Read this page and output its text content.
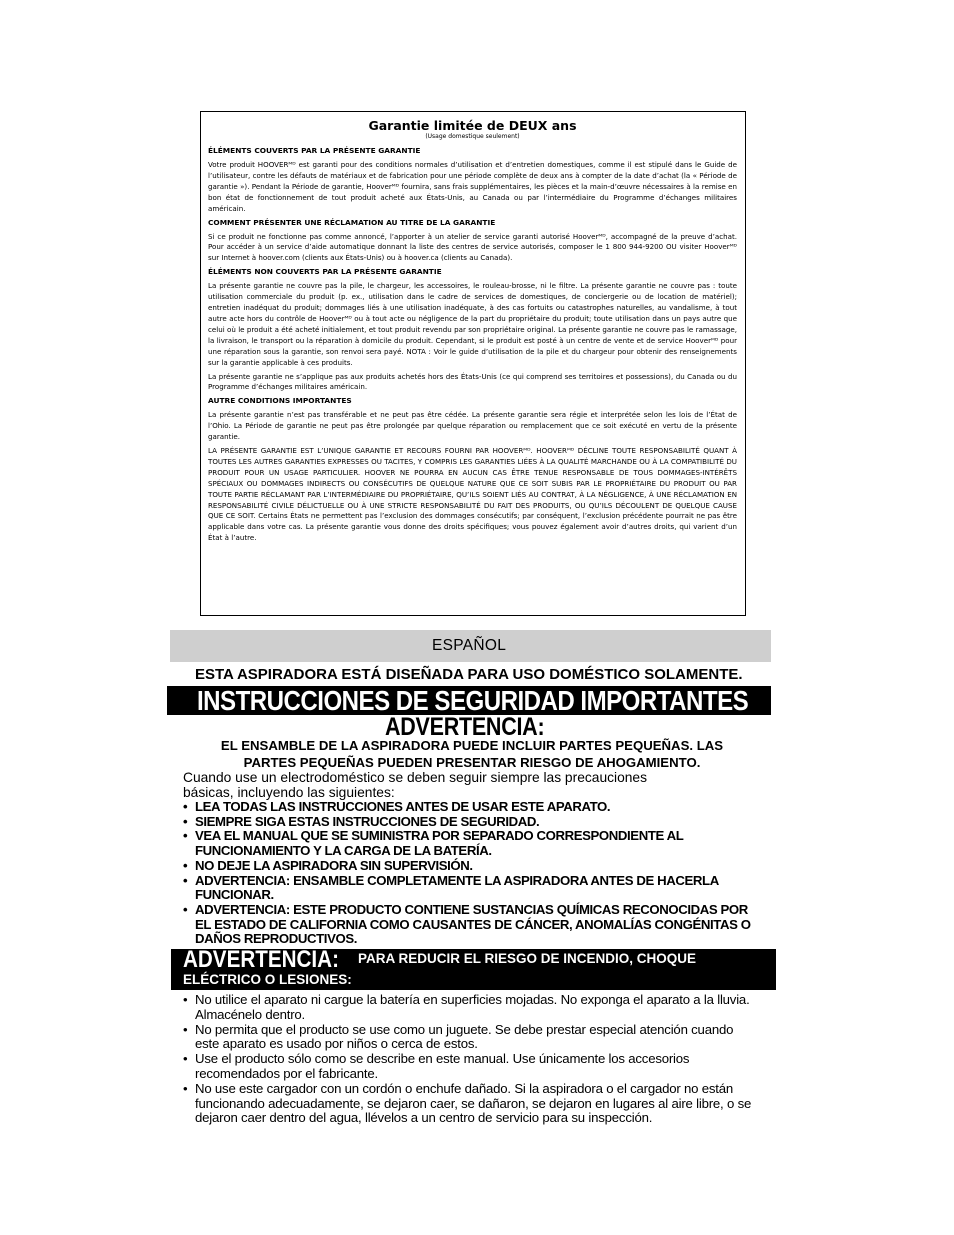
Garantie limitée de DEUX ans
(Usage domestique seulement)
ÉLÉMENTS COUVERTS PAR LA PRÉSENTE GARANTIE

Votre produit HOOVERᴹᴰ est garanti pour des conditions normales d’utilisation et d’entretien domestiques, comme il est stipulé dans le Guide de l’utilisateur, contre les défauts de matériaux et de fabrication pour une période complète de deux ans à compter de la date d’achat (la « Période de garantie »). Pendant la Période de garantie, Hooverᴹᴰ fournira, sans frais supplémentaires, les pièces et la main-d’œuvre nécessaires à la remise en bon état de fonctionnement de tout produit acheté aux États-Unis, au Canada ou par l’intermédiaire du Programme d’échanges militaires américain.

COMMENT PRÉSENTER UNE RÉCLAMATION AU TITRE DE LA GARANTIE

Si ce produit ne fonctionne pas comme annoncé, l’apporter à un atelier de service garanti autorisé Hooverᴹᴰ, accompagné de la preuve d’achat. Pour accéder à un service d’aide automatique donnant la liste des centres de service autorisés, composer le 1 800 944-9200 OU visiter Hooverᴹᴰ sur Internet à hoover.com (clients aux États-Unis) ou à hoover.ca (clients au Canada).

ÉLÉMENTS NON COUVERTS PAR LA PRÉSENTE GARANTIE

La présente garantie ne couvre pas la pile, le chargeur, les accessoires, le rouleau-brosse, ni le filtre. La présente garantie ne couvre pas : toute utilisation commerciale du produit (p. ex., utilisation dans le cadre de services de domestiques, de conciergerie ou de location de matériel); entretien inadéquat du produit; dommages liés à une utilisation inadéquate, à des cas fortuits ou catastrophes naturelles, au vandalisme, à tout autre acte hors du contrôle de Hooverᴹᴰ ou à tout acte ou négligence de la part du propriétaire du produit; toute utilisation dans un pays autre que celui où le produit a été acheté initialement, et tout produit revendu par son propriétaire original. La présente garantie ne couvre pas le ramassage, la livraison, le transport ou la réparation à domicile du produit. Cependant, si le produit est posté à un centre de vente et de service Hooverᴹᴰ pour une réparation sous la garantie, son renvoi sera payé. NOTA : Voir le guide d’utilisation de la pile et du chargeur pour obtenir des renseignements sur la garantie applicable à ces produits.

La présente garantie ne s’applique pas aux produits achetés hors des États-Unis (ce qui comprend ses territoires et possessions), du Canada ou du Programme d’échanges militaires américain.

AUTRE CONDITIONS IMPORTANTES

La présente garantie n’est pas transférable et ne peut pas être cédée. La présente garantie sera régie et interprétée selon les lois de l’État de l’Ohio. La Période de garantie ne peut pas être prolongée par quelque réparation ou remplacement que ce soit exécuté en vertu de la présente garantie.

LA PRÉSENTE GARANTIE EST L’UNIQUE GARANTIE ET RECOURS FOURNI PAR HOOVERᴹᴰ. HOOVERᴹᴰ DÉCLINE TOUTE RESPONSABILITÉ QUANT À TOUTES LES AUTRES GARANTIES EXPRESSES OU TACITES, Y COMPRIS LES GARANTIES LIÉES À LA QUALITÉ MARCHANDE OU À LA COMPATIBILITÉ DU PRODUIT POUR UN USAGE PARTICULIER. HOOVER NE POURRA EN AUCUN CAS ÊTRE TENUE RESPONSABLE DE TOUS DOMMAGES-INTÉRÊTS SPÉCIAUX OU DOMMAGES INDIRECTS OU CONSÉCUTIFS DE QUELQUE NATURE QUE CE SOIT SUBIS PAR LE PROPRIÉTAIRE DU PRODUIT OU PAR TOUTE PARTIE RÉCLAMANT PAR L’INTERMÉDIAIRE DU PROPRIÉTAIRE, QU’ILS SOIENT LIÉS AU CONTRAT, À LA NÉGLIGENCE, À UNE RÉCLAMATION EN RESPONSABILITÉ CIVILE DÉLICTUELLE OU À UNE STRICTE RESPONSABILITÉ DU FAIT DES PRODUITS, OU QU’ILS DÉCOULENT DE QUELQUE CAUSE QUE CE SOIT. Certains États ne permettent pas l’exclusion des dommages consécutifs; par conséquent, l’exclusion précédente pourrait ne pas être applicable dans votre cas. La présente garantie vous donne des droits spécifiques; vous pouvez également avoir d’autres droits, qui varient d’un État à l’autre.

ESPAÑOL
ESTA ASPIRADORA ESTÁ DISEÑADA PARA USO DOMÉSTICO SOLAMENTE.
INSTRUCCIONES DE SEGURIDAD IMPORTANTES
ADVERTENCIA:
EL ENSAMBLE DE LA ASPIRADORA PUEDE INCLUIR PARTES PEQUEÑAS. LAS
PARTES PEQUEÑAS PUEDEN PRESENTAR RIESGO DE AHOGAMIENTO.
Cuando use un electrodoméstico se deben seguir siempre las precauciones
básicas, incluyendo las siguientes:
• LEA TODAS LAS INSTRUCCIONES ANTES DE USAR ESTE APARATO.
• SIEMPRE SIGA ESTAS INSTRUCCIONES DE SEGURIDAD.
• VEA EL MANUAL QUE SE SUMINISTRA POR SEPARADO CORRESPONDIENTE AL FUNCIONAMIENTO Y LA CARGA DE LA BATERÍA.
• NO DEJE LA ASPIRADORA SIN SUPERVISIÓN.
• ADVERTENCIA: ENSAMBLE COMPLETAMENTE LA ASPIRADORA ANTES DE HACERLA FUNCIONAR.
• ADVERTENCIA: ESTE PRODUCTO CONTIENE SUSTANCIAS QUÍMICAS RECONOCIDAS POR EL ESTADO DE CALIFORNIA COMO CAUSANTES DE CÁNCER, ANOMALÍAS CONGÉNITAS O DAÑOS REPRODUCTIVOS.
ADVERTENCIA: PARA REDUCIR EL RIESGO DE INCENDIO, CHOQUE
ELÉCTRICO O LESIONES:
• No utilice el aparato ni cargue la batería en superficies mojadas. No exponga el aparato a la lluvia. Almacénelo dentro.
• No permita que el producto se use como un juguete. Se debe prestar especial atención cuando este aparato es usado por niños o cerca de estos.
• Use el producto sólo como se describe en este manual. Use únicamente los accesorios recomendados por el fabricante.
• No use este cargador con un cordón o enchufe dañado. Si la aspiradora o el cargador no están funcionando adecuadamente, se dejaron caer, se dañaron, se dejaron en lugares al aire libre, o se dejaron caer dentro del agua, llévelos a un centro de servicio para su inspección.
